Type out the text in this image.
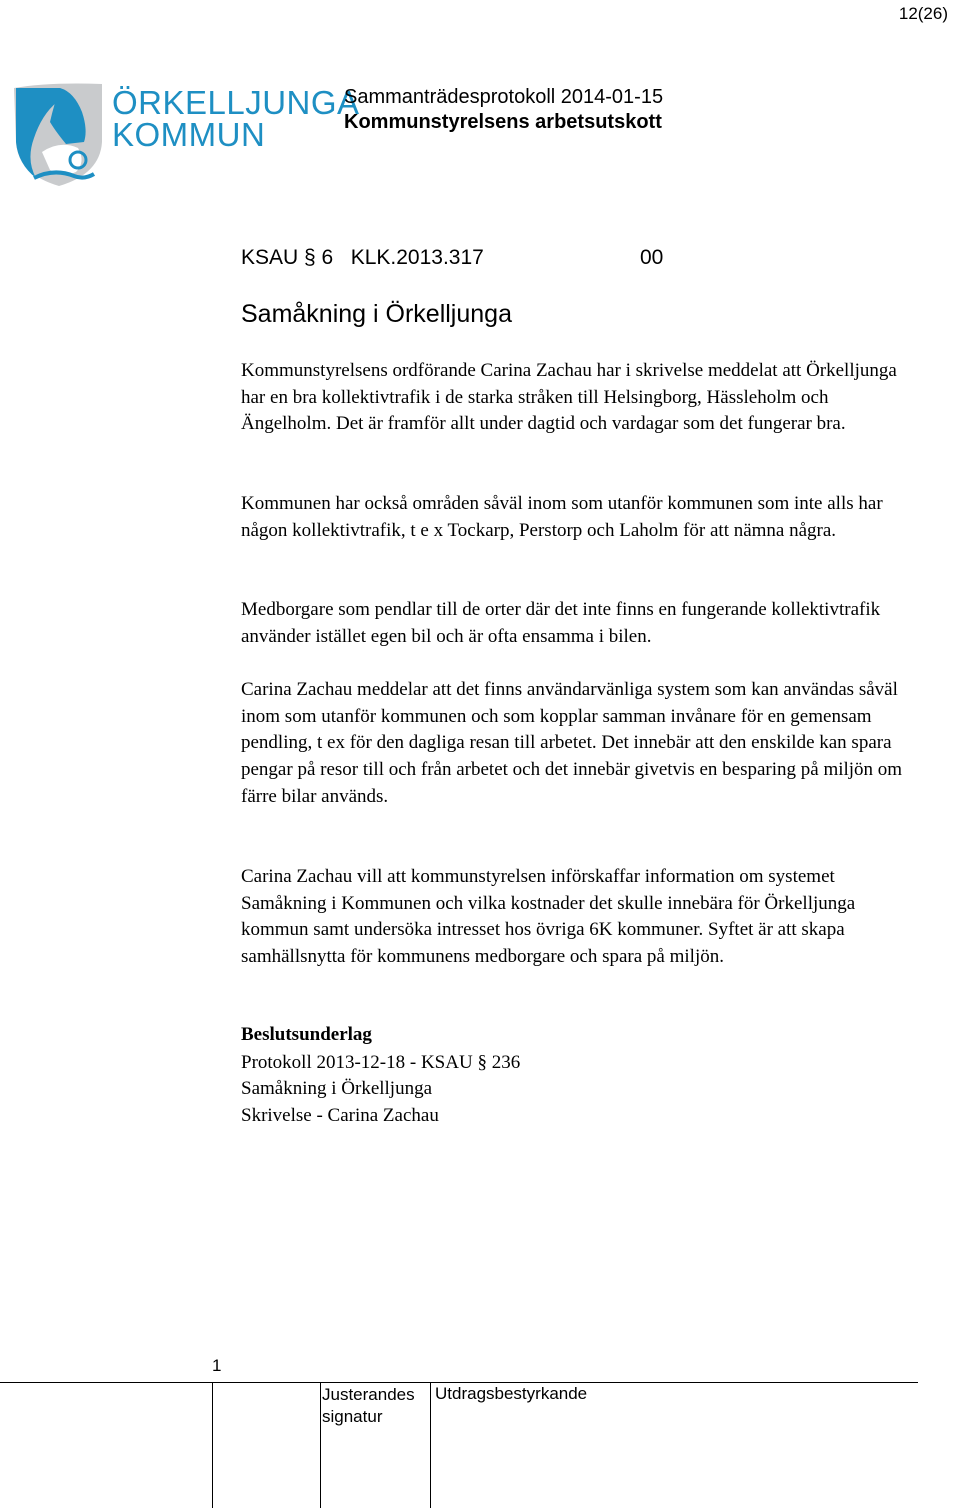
12(26)
ÖRKELLJUNGA
KOMMUN
Sammanträdesprotokoll 2014-01-15
Kommunstyrelsens arbetsutskott
KSAU § 6   KLK.2013.317	00
Samåkning i Örkelljunga

Kommunstyrelsens ordförande Carina Zachau har i skrivelse meddelat att Örkelljunga har en bra kollektivtrafik i de starka stråken till Helsingborg, Hässleholm och Ängelholm. Det är framför allt under dagtid och vardagar som det fungerar bra.

Kommunen har också områden såväl inom som utanför kommunen som inte alls har någon kollektivtrafik, t e x Tockarp, Perstorp och Laholm för att nämna några.

Medborgare som pendlar till de orter där det inte finns en fungerande kollektivtrafik använder istället egen bil och är ofta ensamma i bilen.

Carina Zachau meddelar att det finns användarvänliga system som kan användas såväl inom som utanför kommunen och som kopplar samman invånare för en gemensam pendling, t ex för den dagliga resan till arbetet. Det innebär att den enskilde kan spara pengar på resor till och från arbetet och det innebär givetvis en besparing på miljön om färre bilar används.

Carina Zachau vill att kommunstyrelsen införskaffar information om systemet Samåkning i Kommunen och vilka kostnader det skulle innebära för Örkelljunga kommun samt undersöka intresset hos övriga 6K kommuner. Syftet är att skapa samhällsnytta för kommunens medborgare och spara på miljön.

Beslutsunderlag
Protokoll 2013-12-18 - KSAU § 236
Samåkning i Örkelljunga
Skrivelse - Carina Zachau
1
Justerandes signatur
Utdragsbestyrkande
